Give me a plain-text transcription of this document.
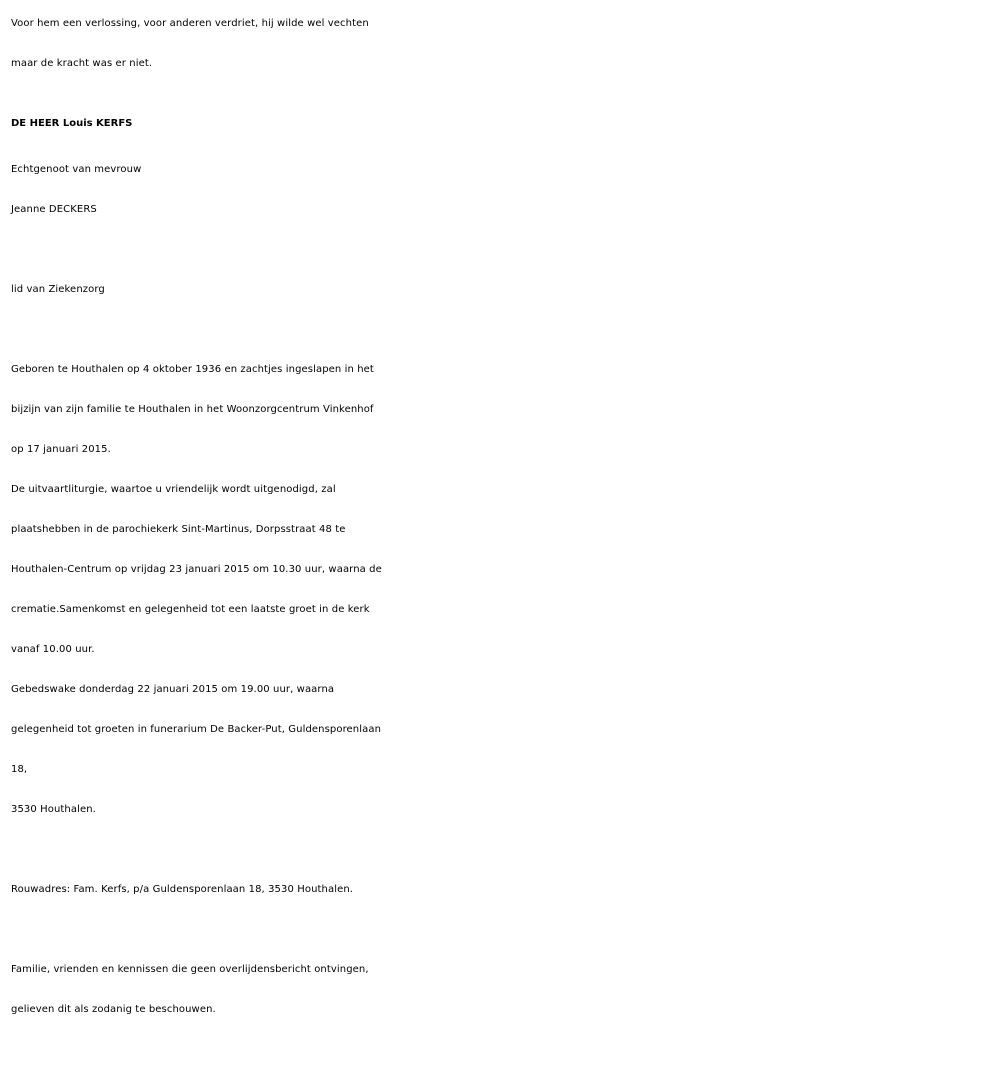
Voor hem een verlossing, voor anderen verdriet, hij wilde wel vechten
maar de kracht was er niet.
DE HEER Louis KERFS
Echtgenoot van mevrouw
Jeanne DECKERS
lid van Ziekenzorg
Geboren te Houthalen op 4 oktober 1936 en zachtjes ingeslapen in het
bijzijn van zijn familie te Houthalen in het Woonzorgcentrum Vinkenhof
op 17 januari 2015.
De uitvaartliturgie, waartoe u vriendelijk wordt uitgenodigd, zal
plaatshebben in de parochiekerk Sint-Martinus, Dorpsstraat 48 te
Houthalen-Centrum op vrijdag 23 januari 2015 om 10.30 uur, waarna de
crematie.Samenkomst en gelegenheid tot een laatste groet in de kerk
vanaf 10.00 uur.
Gebedswake donderdag 22 januari 2015 om 19.00 uur, waarna
gelegenheid tot groeten in funerarium De Backer-Put, Guldensporenlaan
18,
3530 Houthalen.
Rouwadres: Fam. Kerfs, p/a Guldensporenlaan 18, 3530 Houthalen.
Familie, vrienden en kennissen die geen overlijdensbericht ontvingen,
gelieven dit als zodanig te beschouwen.
